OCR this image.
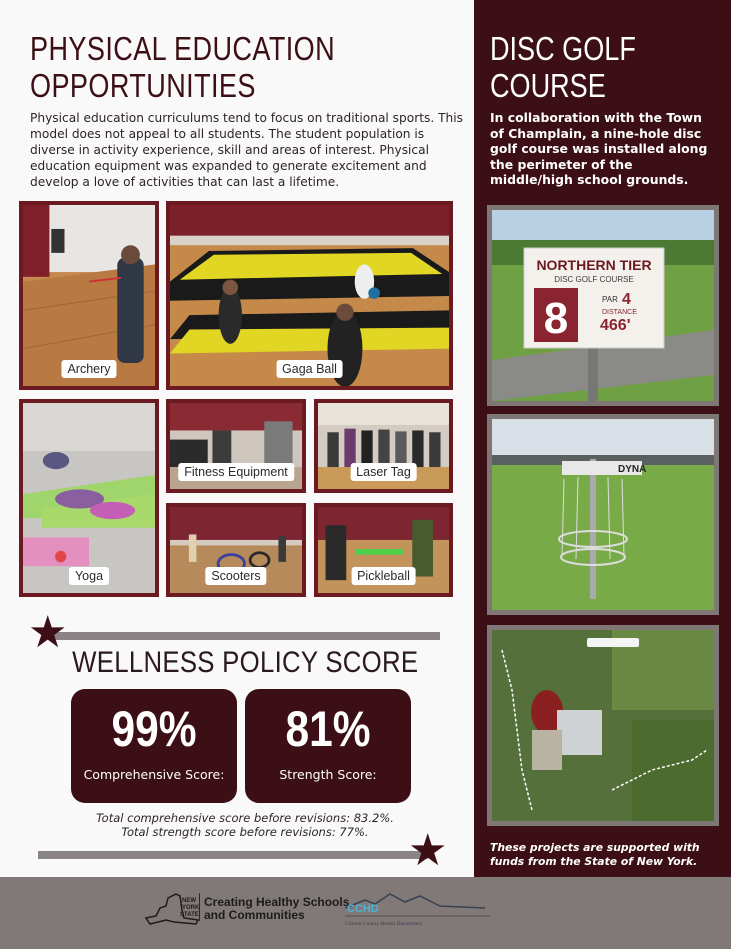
PHYSICAL EDUCATION OPPORTUNITIES

Physical education curriculums tend to focus on traditional sports. This model does not appeal to all students. The student population is diverse in activity experience, skill and areas of interest. Physical education equipment was expanded to generate excitement and develop a love of activities that can last a lifetime.

Archery	Gaga Ball
Yoga
Fitness Equipment	Laser Tag
Scooters	Pickleball
★
WELLNESS POLICY SCORE
99%
Comprehensive Score:
81%
Strength Score:
Total comprehensive score before revisions: 83.2%.
Total strength score before revisions: 77%. ★
DISC GOLF COURSE

In collaboration with the Town of Champlain, a nine-hole disc golf course was installed along the perimeter of the middle/high school grounds.

NORTHERN TIER
DISC GOLF COURSE
8	PAR 4
DISTANCE
466'
DYNA

These projects are supported with funds from the State of New York.

NEW
YORK
STATE
Creating Healthy Schools
and Communities	CCHD
Clinton County Health Department
